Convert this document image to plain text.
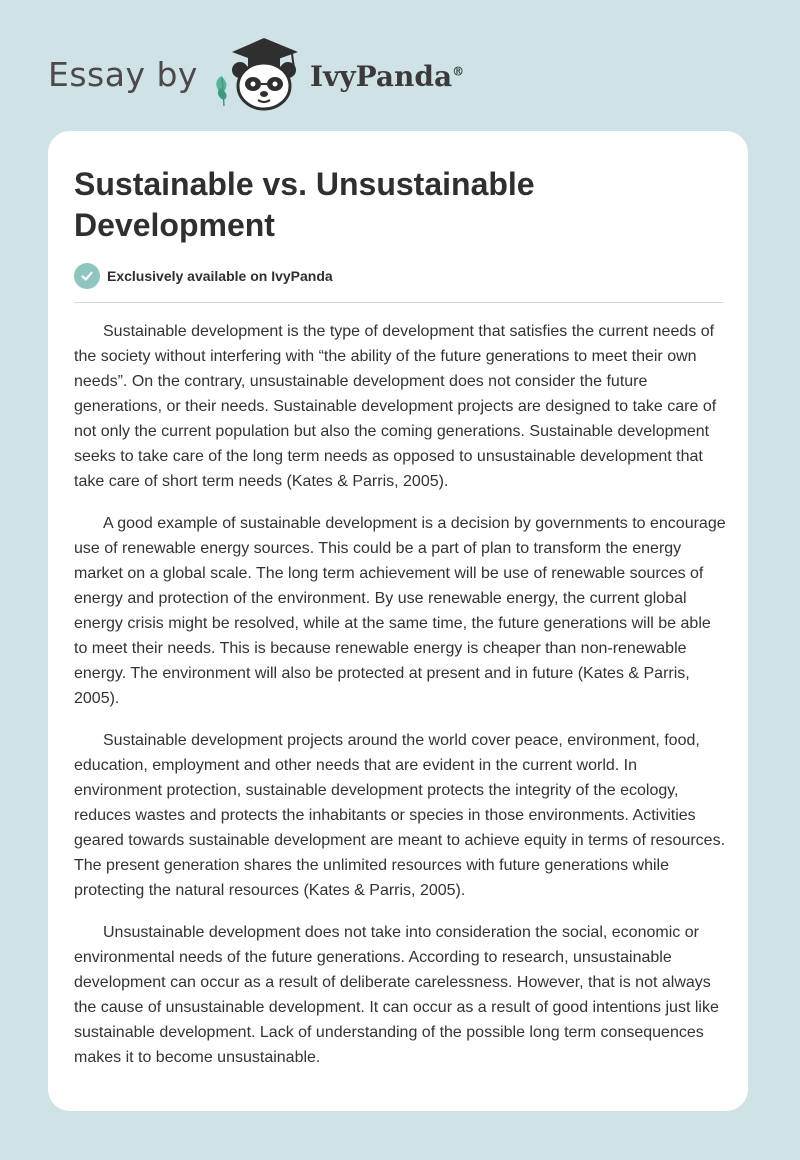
Essay by	IvyPanda®
Sustainable vs. Unsustainable Development
Exclusively available on IvyPanda

Sustainable development is the type of development that satisfies the current needs of the society without interfering with “the ability of the future generations to meet their own needs”. On the contrary, unsustainable development does not consider the future generations, or their needs. Sustainable development projects are designed to take care of not only the current population but also the coming generations. Sustainable development seeks to take care of the long term needs as opposed to unsustainable development that take care of short term needs (Kates & Parris, 2005).

A good example of sustainable development is a decision by governments to encourage use of renewable energy sources. This could be a part of plan to transform the energy market on a global scale. The long term achievement will be use of renewable sources of energy and protection of the environment. By use renewable energy, the current global energy crisis might be resolved, while at the same time, the future generations will be able to meet their needs. This is because renewable energy is cheaper than non-renewable energy. The environment will also be protected at present and in future (Kates & Parris, 2005).

Sustainable development projects around the world cover peace, environment, food, education, employment and other needs that are evident in the current world. In environment protection, sustainable development protects the integrity of the ecology, reduces wastes and protects the inhabitants or species in those environments. Activities geared towards sustainable development are meant to achieve equity in terms of resources. The present generation shares the unlimited resources with future generations while protecting the natural resources (Kates & Parris, 2005).

Unsustainable development does not take into consideration the social, economic or environmental needs of the future generations. According to research, unsustainable development can occur as a result of deliberate carelessness. However, that is not always the cause of unsustainable development. It can occur as a result of good intentions just like sustainable development. Lack of understanding of the possible long term consequences makes it to become unsustainable.
